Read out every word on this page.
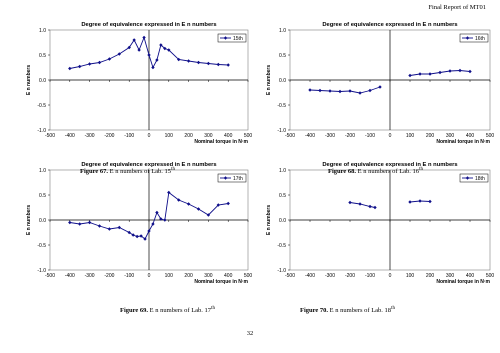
Final Report of MT01
Degree of equivalence expressed in E n numbers
1.0
0.5
0.0
-0.5
-1.0
-500 -400 -300 -200 -100	0	100 200 300 400 500
Nominal torque in N·m
E n numbers
15th
Degree of equivalence expressed in E n numbers
1.0
0.5
0.0
-0.5
-1.0
-500 -400 -300 -200 -100	0	100 200 300 400 500
Nominal torque in N·m
E n numbers
16th
Degree of equivalence expressed in E n numbers
1.0
0.5
0.0
-0.5
-1.0
-500 -400 -300 -200 -100	0	100 200 300 400 500
Nominal torque in N·m
E n numbers
17th
Degree of equivalence expressed in E n numbers
1.0
0.5
0.0
-0.5
-1.0
-500 -400 -300 -200 -100	0	100 200 300 400 500
Nominal torque in N·m
E n numbers
18th
Figure 67. E n numbers of Lab. 15th	Figure 68. E n numbers of Lab. 16th
Figure 69. E n numbers of Lab. 17th	Figure 70. E n numbers of Lab. 18th
32
